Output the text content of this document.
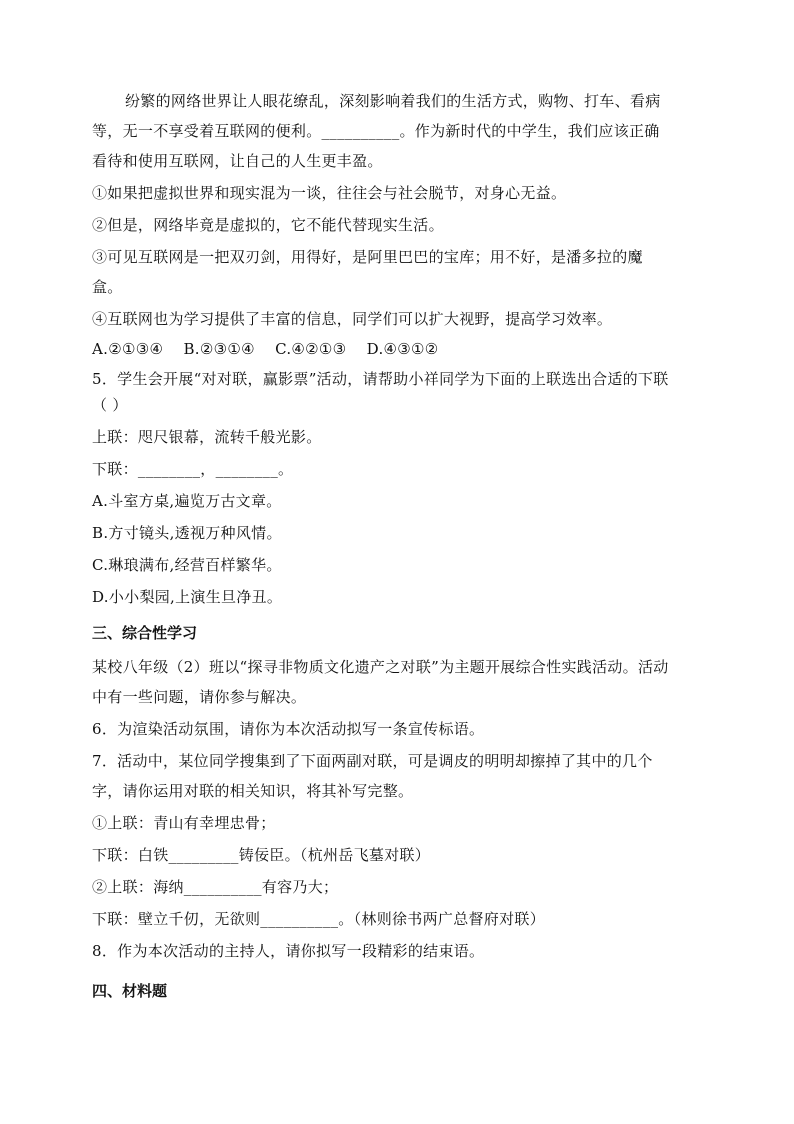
纷繁的网络世界让人眼花缭乱，深刻影响着我们的生活方式，购物、打车、看病

等，无一不享受着互联网的便利。__________。作为新时代的中学生，我们应该正确

看待和使用互联网，让自己的人生更丰盈。

①如果把虚拟世界和现实混为一谈，往往会与社会脱节，对身心无益。

②但是，网络毕竟是虚拟的，它不能代替现实生活。

③可见互联网是一把双刃剑，用得好，是阿里巴巴的宝库；用不好，是潘多拉的魔

盒。

④互联网也为学习提供了丰富的信息，同学们可以扩大视野，提高学习效率。

A.②①③④    B.②③①④    C.④②①③    D.④③①②

5．学生会开展“对对联，赢影票”活动，请帮助小祥同学为下面的上联选出合适的下联

（ ）

上联：咫尺银幕，流转千般光影。

下联：________，________。

A.斗室方桌,遍览万古文章。

B.方寸镜头,透视万种风情。

C.琳琅满布,经营百样繁华。

D.小小梨园,上演生旦净丑。

三、综合性学习

某校八年级（2）班以“探寻非物质文化遗产之对联”为主题开展综合性实践活动。活动

中有一些问题，请你参与解决。

6．为渲染活动氛围，请你为本次活动拟写一条宣传标语。

7．活动中，某位同学搜集到了下面两副对联，可是调皮的明明却擦掉了其中的几个

字，请你运用对联的相关知识，将其补写完整。

①上联：青山有幸埋忠骨；

下联：白铁_________铸佞臣。（杭州岳飞墓对联）

②上联：海纳__________有容乃大；

下联：壁立千仞，无欲则__________。（林则徐书两广总督府对联）

8．作为本次活动的主持人，请你拟写一段精彩的结束语。

四、材料题
